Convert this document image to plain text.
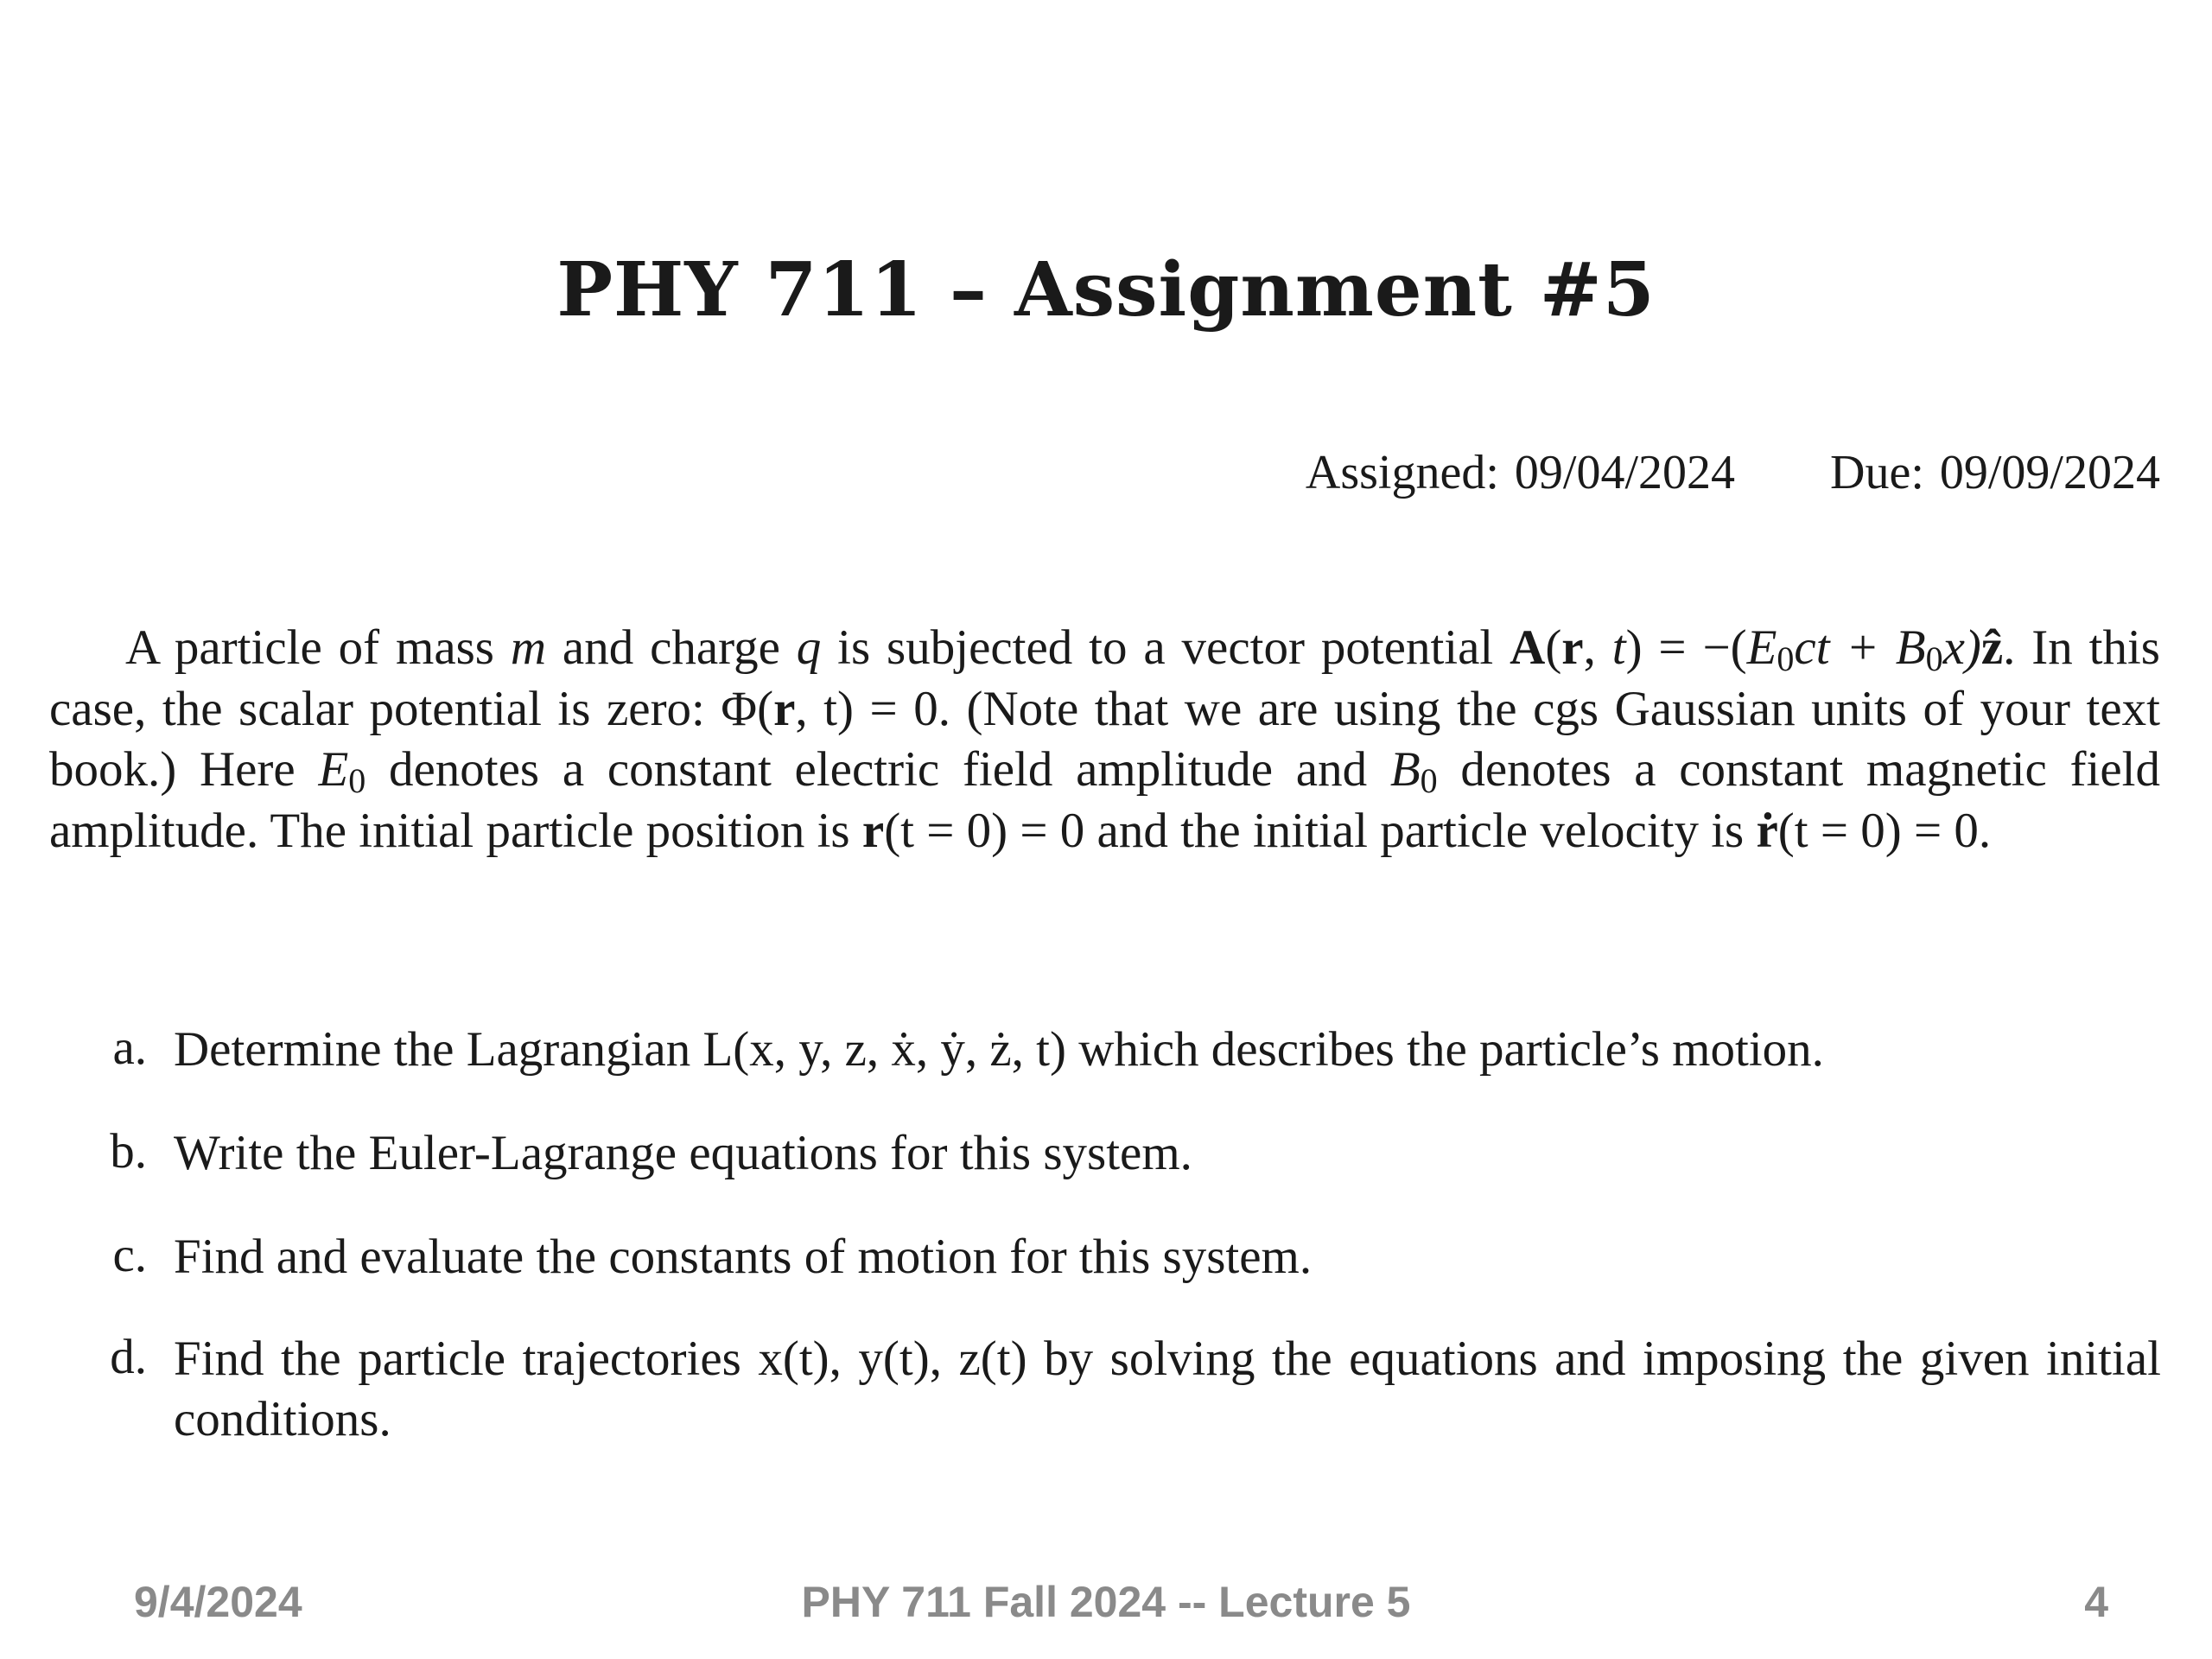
PHY 711 – Assignment #5
Assigned: 09/04/2024 Due: 09/09/2024
A particle of mass m and charge q is subjected to a vector potential A(r, $t) = -(E_0ct$ + $B_0x)ẑ$. In this case, the scalar potential is zero: Φ(r, t) = 0. (Note that we are using the cgs Gaussian units of your text book.) Here $E_0$ denotes a constant electric field amplitude and $B_0$ denotes a constant magnetic field amplitude. The initial particle position is r(t = 0) = 0 and the initial particle velocity is ṙ(t = 0) = 0.
a. Determine the Lagrangian L(x, y, z, ẋ, ẏ, ż, t) which describes the particle’s motion.
b. Write the Euler-Lagrange equations for this system.
c. Find and evaluate the constants of motion for this system.
d. Find the particle trajectories x(t), y(t), z(t) by solving the equations and imposing the given initial conditions.
9/4/2024	PHY 711 Fall 2024 -- Lecture 5	4
